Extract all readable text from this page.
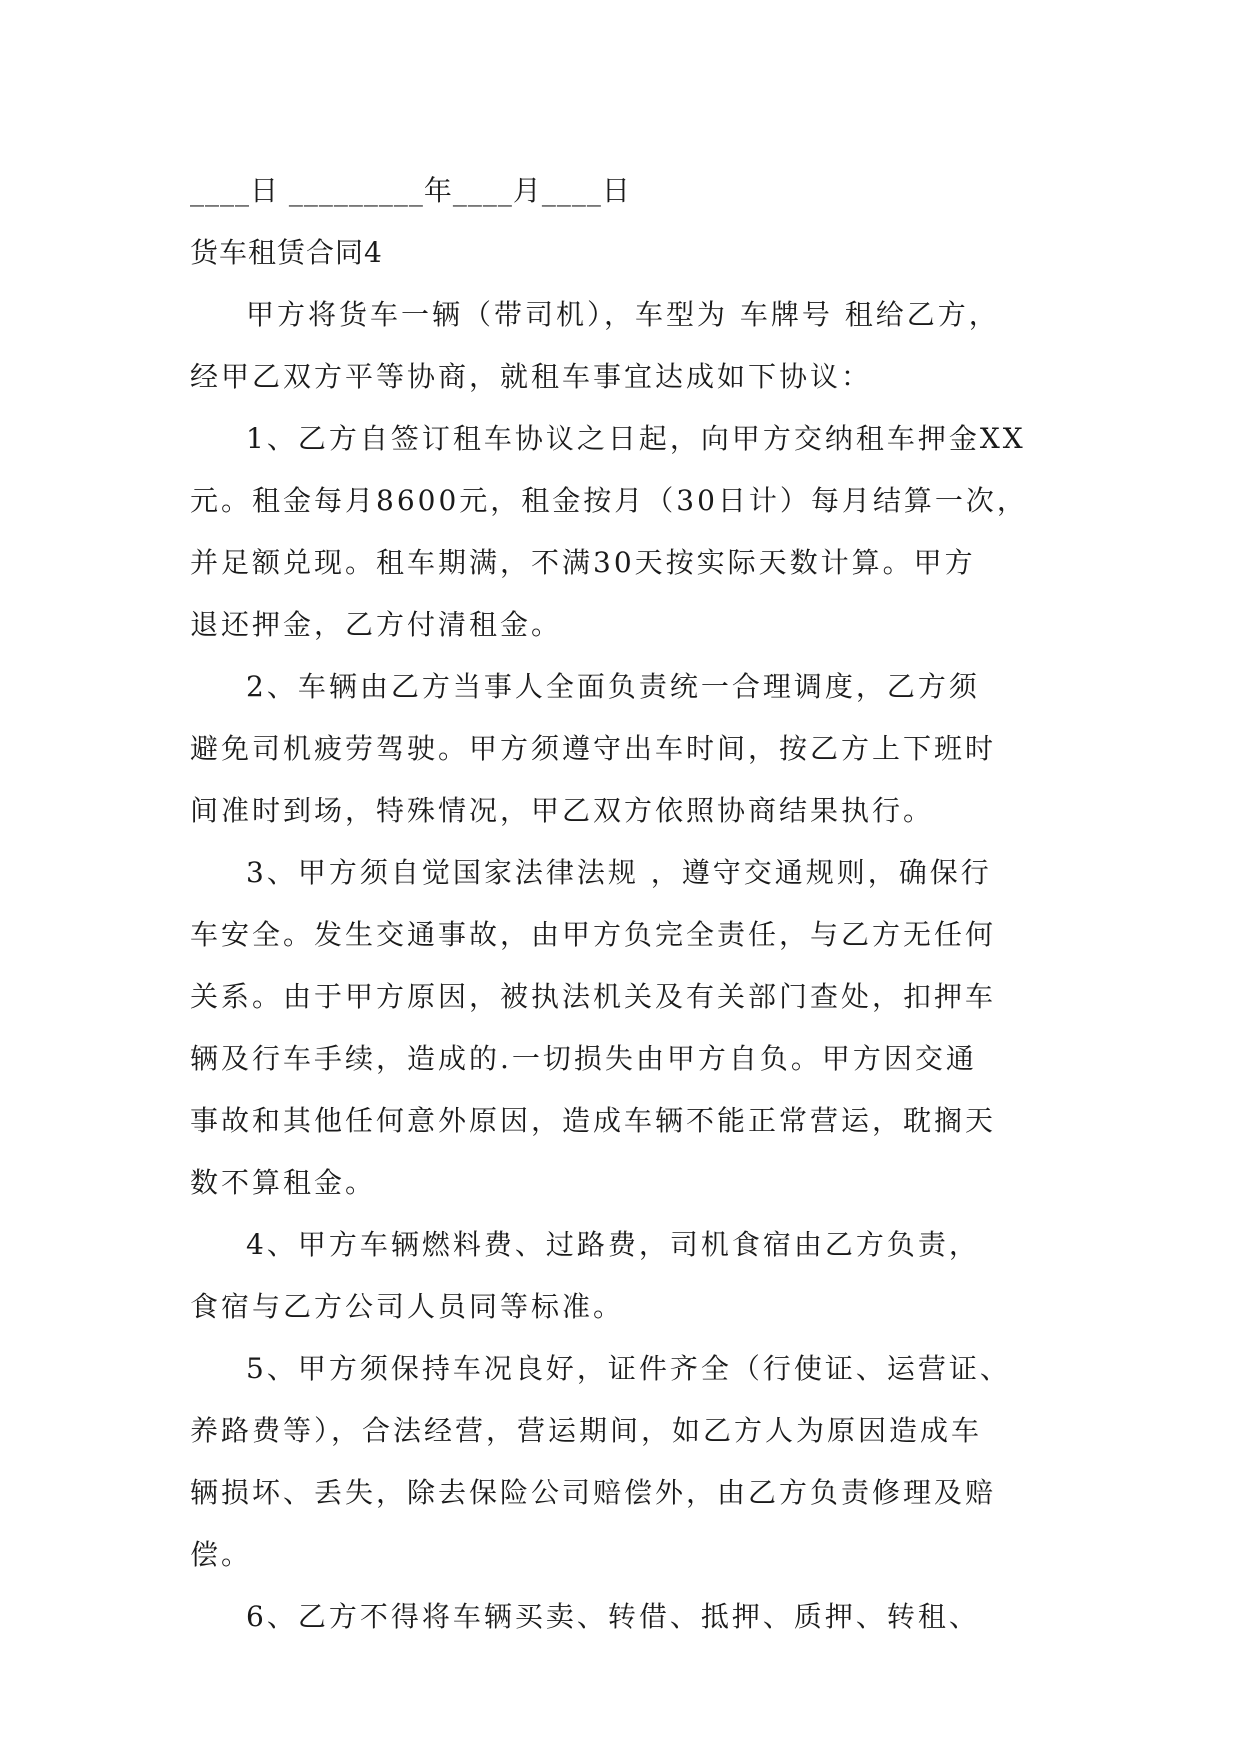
____日 _________年____月____日

货车租赁合同4

甲方将货车一辆（带司机），车型为 车牌号 租给乙方，
经甲乙双方平等协商，就租车事宜达成如下协议：
1、乙方自签订租车协议之日起，向甲方交纳租车押金XX
元。租金每月8600元，租金按月（30日计）每月结算一次，
并足额兑现。租车期满，不满30天按实际天数计算。甲方
退还押金，乙方付清租金。
2、车辆由乙方当事人全面负责统一合理调度，乙方须
避免司机疲劳驾驶。甲方须遵守出车时间，按乙方上下班时
间准时到场，特殊情况，甲乙双方依照协商结果执行。
3、甲方须自觉国家法律法规 ，遵守交通规则，确保行
车安全。发生交通事故，由甲方负完全责任，与乙方无任何
关系。由于甲方原因，被执法机关及有关部门查处，扣押车
辆及行车手续，造成的.一切损失由甲方自负。甲方因交通
事故和其他任何意外原因，造成车辆不能正常营运，耽搁天
数不算租金。
4、甲方车辆燃料费、过路费，司机食宿由乙方负责，
食宿与乙方公司人员同等标准。
5、甲方须保持车况良好，证件齐全（行使证、运营证、
养路费等），合法经营，营运期间，如乙方人为原因造成车
辆损坏、丢失，除去保险公司赔偿外，由乙方负责修理及赔
偿。
6、乙方不得将车辆买卖、转借、抵押、质押、转租、
